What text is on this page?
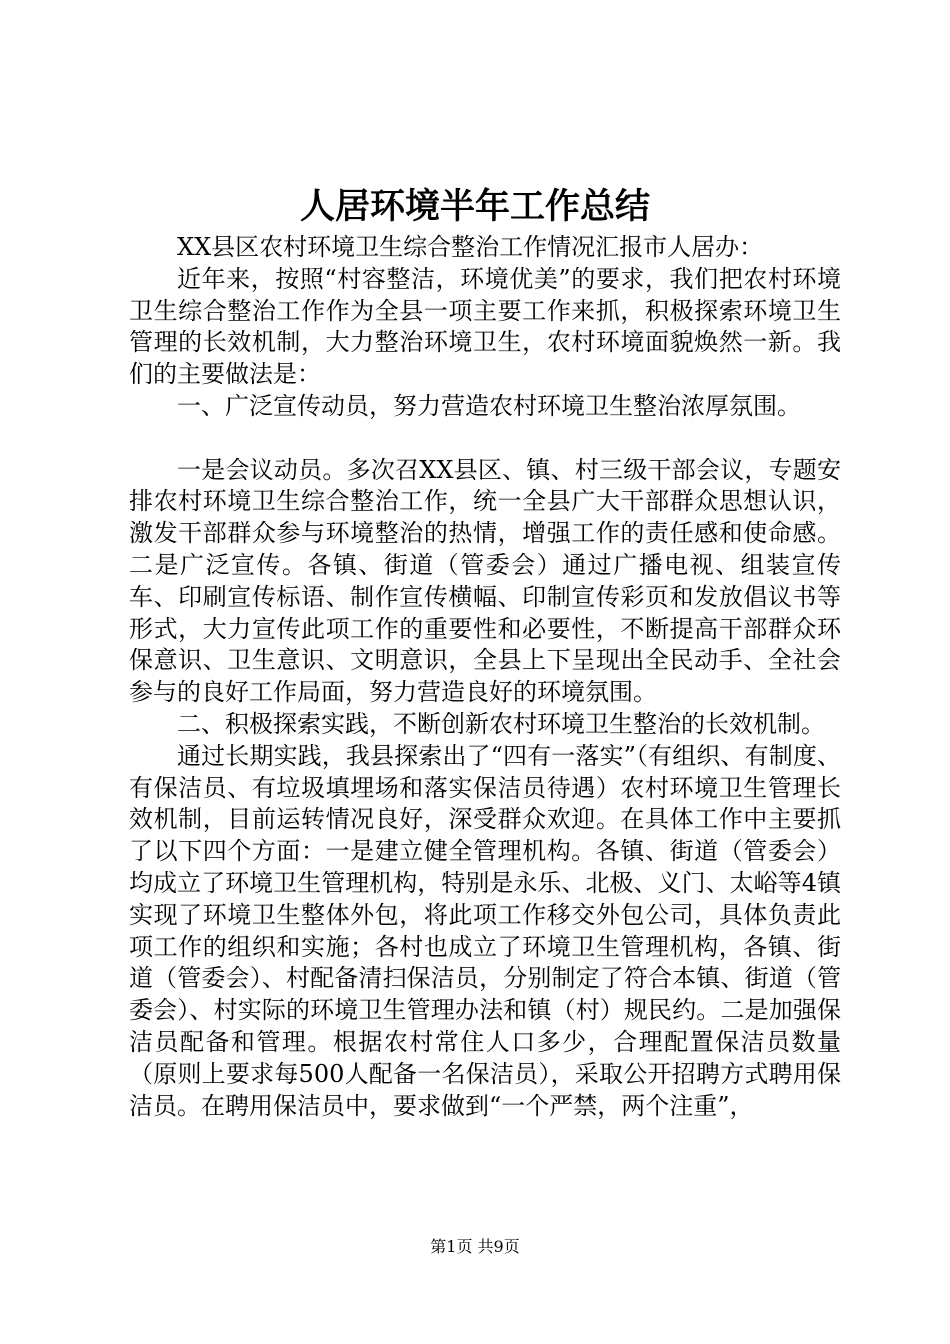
人居环境半年工作总结

XX县区农村环境卫生综合整治工作情况汇报市人居办：

近年来，按照“村容整洁，环境优美”的要求，我们把农村环境卫生综合整治工作作为全县一项主要工作来抓，积极探索环境卫生管理的长效机制，大力整治环境卫生，农村环境面貌焕然一新。我们的主要做法是：

一、广泛宣传动员，努力营造农村环境卫生整治浓厚氛围。

一是会议动员。多次召XX县区、镇、村三级干部会议，专题安排农村环境卫生综合整治工作，统一全县广大干部群众思想认识，激发干部群众参与环境整治的热情，增强工作的责任感和使命感。二是广泛宣传。各镇、街道（管委会）通过广播电视、组装宣传车、印刷宣传标语、制作宣传横幅、印制宣传彩页和发放倡议书等形式，大力宣传此项工作的重要性和必要性，不断提高干部群众环保意识、卫生意识、文明意识，全县上下呈现出全民动手、全社会参与的良好工作局面，努力营造良好的环境氛围。

二、积极探索实践，不断创新农村环境卫生整治的长效机制。

通过长期实践，我县探索出了“四有一落实”（有组织、有制度、有保洁员、有垃圾填埋场和落实保洁员待遇）农村环境卫生管理长效机制，目前运转情况良好，深受群众欢迎。在具体工作中主要抓了以下四个方面：一是建立健全管理机构。各镇、街道（管委会）均成立了环境卫生管理机构，特别是永乐、北极、义门、太峪等4镇实现了环境卫生整体外包，将此项工作移交外包公司，具体负责此项工作的组织和实施；各村也成立了环境卫生管理机构，各镇、街道（管委会）、村配备清扫保洁员，分别制定了符合本镇、街道（管委会）、村实际的环境卫生管理办法和镇（村）规民约。二是加强保洁员配备和管理。根据农村常住人口多少，合理配置保洁员数量（原则上要求每500人配备一名保洁员），采取公开招聘方式聘用保洁员。在聘用保洁员中，要求做到“一个严禁，两个注重”，

第1页 共9页
